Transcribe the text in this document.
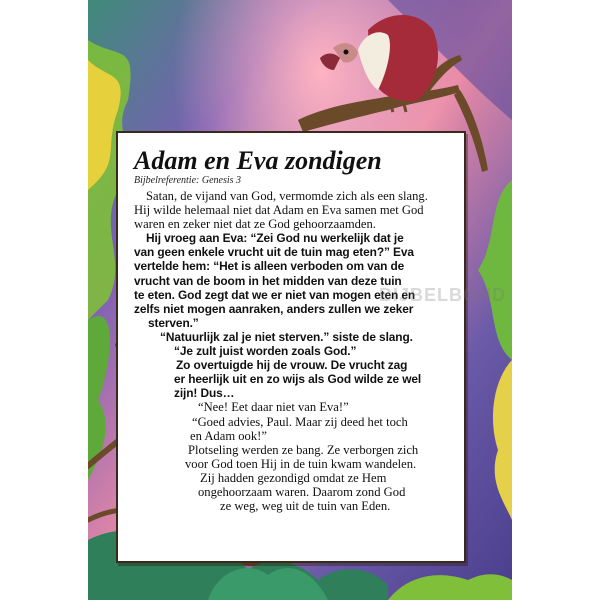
Adam en Eva zondigen
Bijbelreferentie: Genesis 3
Satan, de vijand van God, vermomde zich als een slang.
Hij wilde helemaal niet dat Adam en Eva samen met God
waren en zeker niet dat ze God gehoorzaamden.
Hij vroeg aan Eva: “Zei God nu werkelijk dat je
van geen enkele vrucht uit de tuin mag eten?” Eva
vertelde hem: “Het is alleen verboden om van de
vrucht van de boom in het midden van deze tuin
te eten. God zegt dat we er niet van mogen eten en
zelfs niet mogen aanraken, anders zullen we zeker
sterven.”
“Natuurlijk zal je niet sterven.” siste de slang.
“Je zult juist worden zoals God.”
Zo overtuigde hij de vrouw. De vrucht zag
er heerlijk uit en zo wijs als God wilde ze wel
zijn! Dus…
“Nee! Eet daar niet van Eva!”
“Goed advies, Paul. Maar zij deed het toch
en Adam ook!”
Plotseling werden ze bang. Ze verborgen zich
voor God toen Hij in de tuin kwam wandelen.
Zij hadden gezondigd omdat ze Hem
ongehoorzaam waren. Daarom zond God
ze weg, weg uit de tuin van Eden.
BIJBELBOND
